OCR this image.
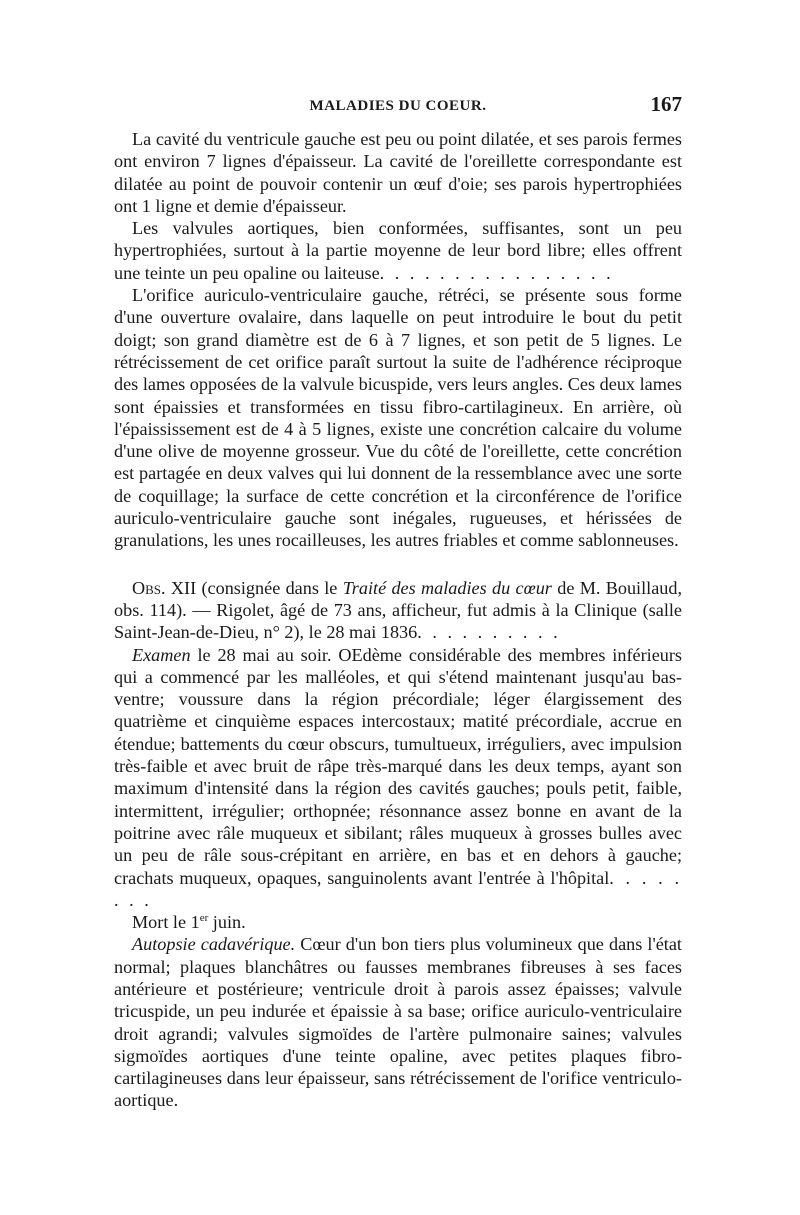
MALADIES DU COEUR.	167

La cavité du ventricule gauche est peu ou point dilatée, et ses parois fermes ont environ 7 lignes d'épaisseur. La cavité de l'oreillette correspondante est dilatée au point de pouvoir contenir un œuf d'oie; ses parois hypertrophiées ont 1 ligne et demie d'épaisseur.

Les valvules aortiques, bien conformées, suffisantes, sont un peu hypertrophiées, surtout à la partie moyenne de leur bord libre; elles offrent une teinte un peu opaline ou laiteuse. . . . . . . . . . . . . . . .

L'orifice auriculo-ventriculaire gauche, rétréci, se présente sous forme d'une ouverture ovalaire, dans laquelle on peut introduire le bout du petit doigt; son grand diamètre est de 6 à 7 lignes, et son petit de 5 lignes. Le rétrécissement de cet orifice paraît surtout la suite de l'adhérence réciproque des lames opposées de la valvule bicuspide, vers leurs angles. Ces deux lames sont épaissies et transformées en tissu fibro-cartilagineux. En arrière, où l'épaississement est de 4 à 5 lignes, existe une concrétion calcaire du volume d'une olive de moyenne grosseur. Vue du côté de l'oreillette, cette concrétion est partagée en deux valves qui lui donnent de la ressemblance avec une sorte de coquillage; la surface de cette concrétion et la circonférence de l'orifice auriculo-ventriculaire gauche sont inégales, rugueuses, et hérissées de granulations, les unes rocailleuses, les autres friables et comme sablonneuses.

Obs. XII (consignée dans le Traité des maladies du cœur de M. Bouillaud, obs. 114). — Rigolet, âgé de 73 ans, afficheur, fut admis à la Clinique (salle Saint-Jean-de-Dieu, n° 2), le 28 mai 1836. . . . . . . . . .

Examen le 28 mai au soir. OEdème considérable des membres inférieurs qui a commencé par les malléoles, et qui s'étend maintenant jusqu'au bas-ventre; voussure dans la région précordiale; léger élargissement des quatrième et cinquième espaces intercostaux; matité précordiale, accrue en étendue; battements du cœur obscurs, tumultueux, irréguliers, avec impulsion très-faible et avec bruit de râpe très-marqué dans les deux temps, ayant son maximum d'intensité dans la région des cavités gauches; pouls petit, faible, intermittent, irrégulier; orthopnée; résonnance assez bonne en avant de la poitrine avec râle muqueux et sibilant; râles muqueux à grosses bulles avec un peu de râle sous-crépitant en arrière, en bas et en dehors à gauche; crachats muqueux, opaques, sanguinolents avant l'entrée à l'hôpital. . . . . . . .

Mort le 1er juin.

Autopsie cadavérique. Cœur d'un bon tiers plus volumineux que dans l'état normal; plaques blanchâtres ou fausses membranes fibreuses à ses faces antérieure et postérieure; ventricule droit à parois assez épaisses; valvule tricuspide, un peu indurée et épaissie à sa base; orifice auriculo-ventriculaire droit agrandi; valvules sigmoïdes de l'artère pulmonaire saines; valvules sigmoïdes aortiques d'une teinte opaline, avec petites plaques fibro-cartilagineuses dans leur épaisseur, sans rétrécissement de l'orifice ventriculo-aortique.
